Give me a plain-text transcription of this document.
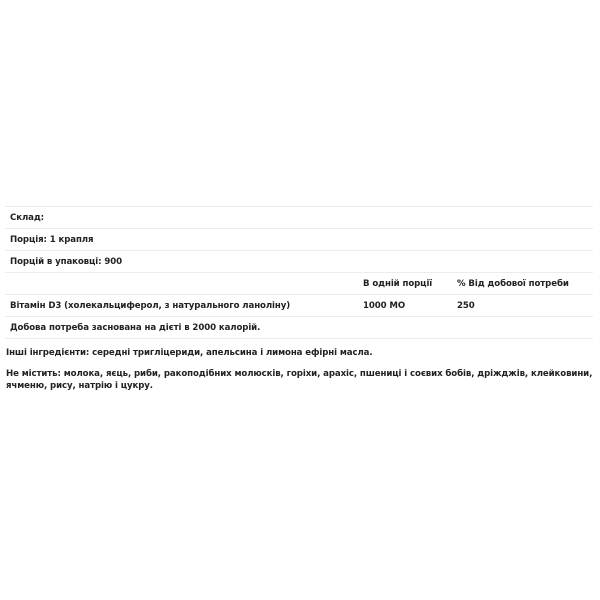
Склад:		
Порція: 1 крапля		
Порцій в упаковці: 900		
	В одній порції	% Від добової потреби
Вітамін D3 (холекальциферол, з натурального ланоліну)	1000 МО	250
Добова потреба заснована на дієті в 2000 калорій.		

Інші інгредієнти: середні тригліцериди, апельсина і лимона ефірні масла.

Не містить: молока, яєць, риби, ракоподібних молюсків, горіхи, арахіс, пшениці і соєвих бобів, дріжджів, клейковини, ячменю, рису, натрію і цукру.
